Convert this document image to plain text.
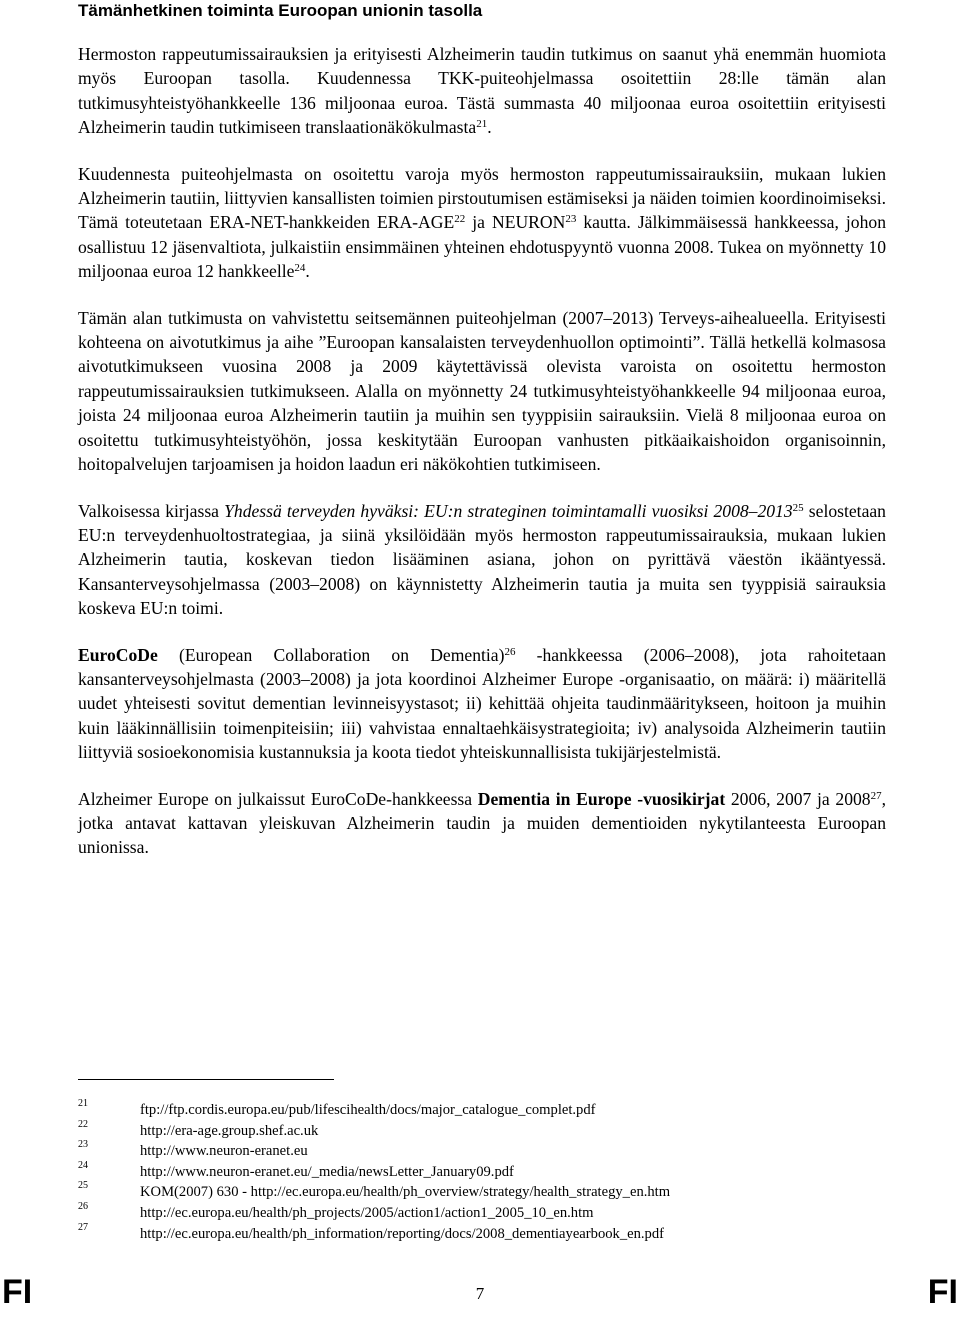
Tämänhetkinen toiminta Euroopan unionin tasolla

Hermoston rappeutumissairauksien ja erityisesti Alzheimerin taudin tutkimus on saanut yhä enemmän huomiota myös Euroopan tasolla. Kuudennessa TKK-puiteohjelmassa osoitettiin 28:lle tämän alan tutkimusyhteistyöhankkeelle 136 miljoonaa euroa. Tästä summasta 40 miljoonaa euroa osoitettiin erityisesti Alzheimerin taudin tutkimiseen translaationäkökulmasta$^{21}$.

Kuudennesta puiteohjelmasta on osoitettu varoja myös hermoston rappeutumissairauksiin, mukaan lukien Alzheimerin tautiin, liittyvien kansallisten toimien pirstoutumisen estämiseksi ja näiden toimien koordinoimiseksi. Tämä toteutetaan ERA-NET-hankkeiden ERA-AGE$^{22}$ ja NEURON$^{23}$ kautta. Jälkimmäisessä hankkeessa, johon osallistuu 12 jäsenvaltiota, julkaistiin ensimmäinen yhteinen ehdotuspyyntö vuonna 2008. Tukea on myönnetty 10 miljoonaa euroa 12 hankkeelle$^{24}$.

Tämän alan tutkimusta on vahvistettu seitsemännen puiteohjelman (2007–2013) Terveys-aihealueella. Erityisesti kohteena on aivotutkimus ja aihe ”Euroopan kansalaisten terveydenhuollon optimointi”. Tällä hetkellä kolmasosa aivotutkimukseen vuosina 2008 ja 2009 käytettävissä olevista varoista on osoitettu hermoston rappeutumissairauksien tutkimukseen. Alalla on myönnetty 24 tutkimusyhteistyöhankkeelle 94 miljoonaa euroa, joista 24 miljoonaa euroa Alzheimerin tautiin ja muihin sen tyyppisiin sairauksiin. Vielä 8 miljoonaa euroa on osoitettu tutkimusyhteistyöhön, jossa keskitytään Euroopan vanhusten pitkäaikaishoidon organisoinnin, hoitopalvelujen tarjoamisen ja hoidon laadun eri näkökohtien tutkimiseen.

Valkoisessa kirjassa Yhdessä terveyden hyväksi: EU:n strateginen toimintamalli vuosiksi 2008–2013$^{25}$ selostetaan EU:n terveydenhuoltostrategiaa, ja siinä yksilöidään myös hermoston rappeutumissairauksia, mukaan lukien Alzheimerin tautia, koskevan tiedon lisääminen asiana, johon on pyrittävä väestön ikääntyessä. Kansanterveysohjelmassa (2003–2008) on käynnistetty Alzheimerin tautia ja muita sen tyyppisiä sairauksia koskeva EU:n toimi.

EuroCoDe (European Collaboration on Dementia)$^{26}$ -hankkeessa (2006–2008), jota rahoitetaan kansanterveysohjelmasta (2003–2008) ja jota koordinoi Alzheimer Europe -organisaatio, on määrä: i) määritellä uudet yhteisesti sovitut dementian levinneisyystasot; ii) kehittää ohjeita taudinmääritykseen, hoitoon ja muihin kuin lääkinnällisiin toimenpiteisiin; iii) vahvistaa ennaltaehkäisystrategioita; iv) analysoida Alzheimerin tautiin liittyviä sosioekonomisia kustannuksia ja koota tiedot yhteiskunnallisista tukijärjestelmistä.

Alzheimer Europe on julkaissut EuroCoDe-hankkeessa Dementia in Europe -vuosikirjat 2006, 2007 ja 2008$^{27}$, jotka antavat kattavan yleiskuvan Alzheimerin taudin ja muiden dementioiden nykytilanteesta Euroopan unionissa.

21	ftp://ftp.cordis.europa.eu/pub/lifescihealth/docs/major_catalogue_complet.pdf
22	http://era-age.group.shef.ac.uk
23	http://www.neuron-eranet.eu
24	http://www.neuron-eranet.eu/_media/newsLetter_January09.pdf
25	KOM(2007) 630 - http://ec.europa.eu/health/ph_overview/strategy/health_strategy_en.htm
26	http://ec.europa.eu/health/ph_projects/2005/action1/action1_2005_10_en.htm
27	http://ec.europa.eu/health/ph_information/reporting/docs/2008_dementiayearbook_en.pdf
FI	7	FI
